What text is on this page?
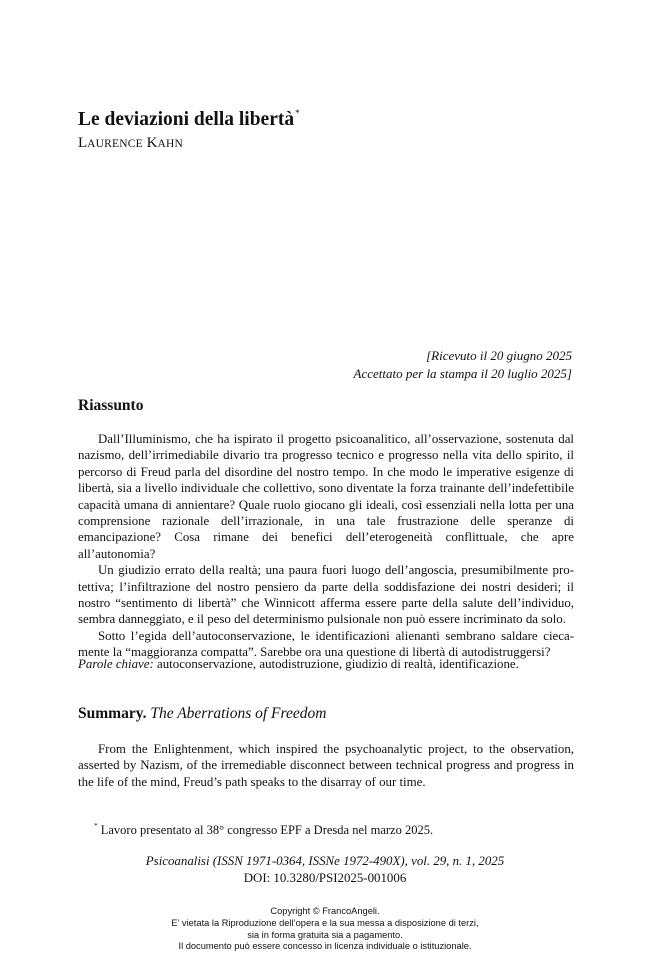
Le deviazioni della libertà*
LAURENCE KAHN
[Ricevuto il 20 giugno 2025
Accettato per la stampa il 20 luglio 2025]
Riassunto

Dall’Illuminismo, che ha ispirato il progetto psicoanalitico, all’osservazione, sostenuta dal nazismo, dell’irrimediabile divario tra progresso tecnico e progresso nella vita dello spirito, il percorso di Freud parla del disordine del nostro tempo. In che modo le imperative esigenze di libertà, sia a livello individuale che collettivo, sono diventate la forza trainante dell’indefettibile capacità umana di annientare? Quale ruolo giocano gli ideali, così essenziali nella lotta per una comprensione razionale dell’irrazionale, in una tale frustrazione delle speranze di emancipazione? Cosa rimane dei benefici dell’eterogeneità conflittuale, che apre all’autonomia?

Un giudizio errato della realtà; una paura fuori luogo dell’angoscia, presumibilmente protettiva; l’infiltrazione del nostro pensiero da parte della soddisfazione dei nostri desideri; il nostro “sentimento di libertà” che Winnicott afferma essere parte della salute dell’individuo, sembra danneggiato, e il peso del determinismo pulsionale non può essere incriminato da solo.

Sotto l’egida dell’autoconservazione, le identificazioni alienanti sembrano saldare ciecamente la “maggioranza compatta”. Sarebbe ora una questione di libertà di autodistruggersi?

Parole chiave: autoconservazione, autodistruzione, giudizio di realtà, identificazione.
Summary. The Aberrations of Freedom

From the Enlightenment, which inspired the psychoanalytic project, to the observation, asserted by Nazism, of the irremediable disconnect between technical progress and progress in the life of the mind, Freud’s path speaks to the disarray of our time.

* Lavoro presentato al 38° congresso EPF a Dresda nel marzo 2025.
Psicoanalisi (ISSN 1971-0364, ISSNe 1972-490X), vol. 29, n. 1, 2025
DOI: 10.3280/PSI2025-001006
Copyright © FrancoAngeli.
E’ vietata la Riproduzione dell’opera e la sua messa a disposizione di terzi,
sia in forma gratuita sia a pagamento.
Il documento può essere concesso in licenza individuale o istituzionale.
